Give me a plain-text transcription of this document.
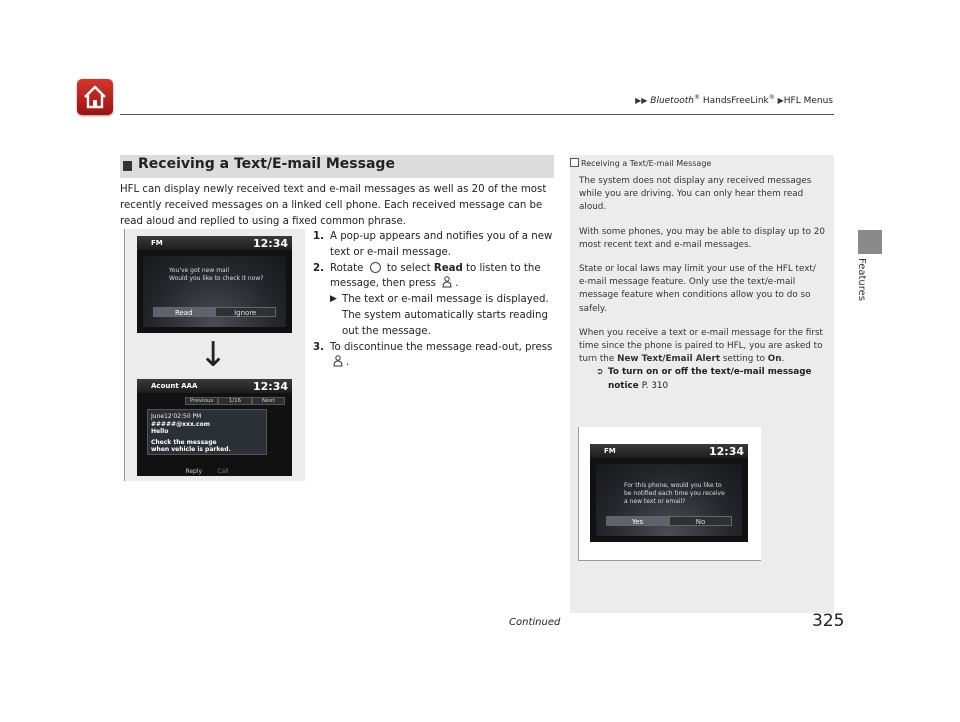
▶▶ Bluetooth® HandsFreeLink® ▶HFL Menus
Features
Receiving a Text/E-mail Message
HFL can display newly received text and e-mail messages as well as 20 of the most recently received messages on a linked cell phone. Each received message can be read aloud and replied to using a fixed common phrase.
FM	12:34
You've got new mail
Would you like to check it now?
Read	Ignore
↓
Acount AAA	12:34
Previous	1/16	Next
June12'02:50 PM
#####@xxx.com
Hello
Check the message
when vehicle is parked.
Reply	Call
1. A pop-up appears and notifies you of a new text or e-mail message.
2. Rotate to select Read to listen to the message, then press .
▶ The text or e-mail message is displayed. The system automatically starts reading out the message.
3. To discontinue the message read-out, press .
Receiving a Text/E-mail Message

The system does not display any received messages while you are driving. You can only hear them read aloud.

With some phones, you may be able to display up to 20 most recent text and e-mail messages.

State or local laws may limit your use of the HFL text/ e-mail message feature. Only use the text/e-mail message feature when conditions allow you to do so safely.

When you receive a text or e-mail message for the first time since the phone is paired to HFL, you are asked to turn the New Text/Email Alert setting to On.

➲ To turn on or off the text/e-mail message notice P. 310
FM	12:34
For this phone, would you like to
be notified each time you receive
a new text or email?
Yes	No
Continued	325
